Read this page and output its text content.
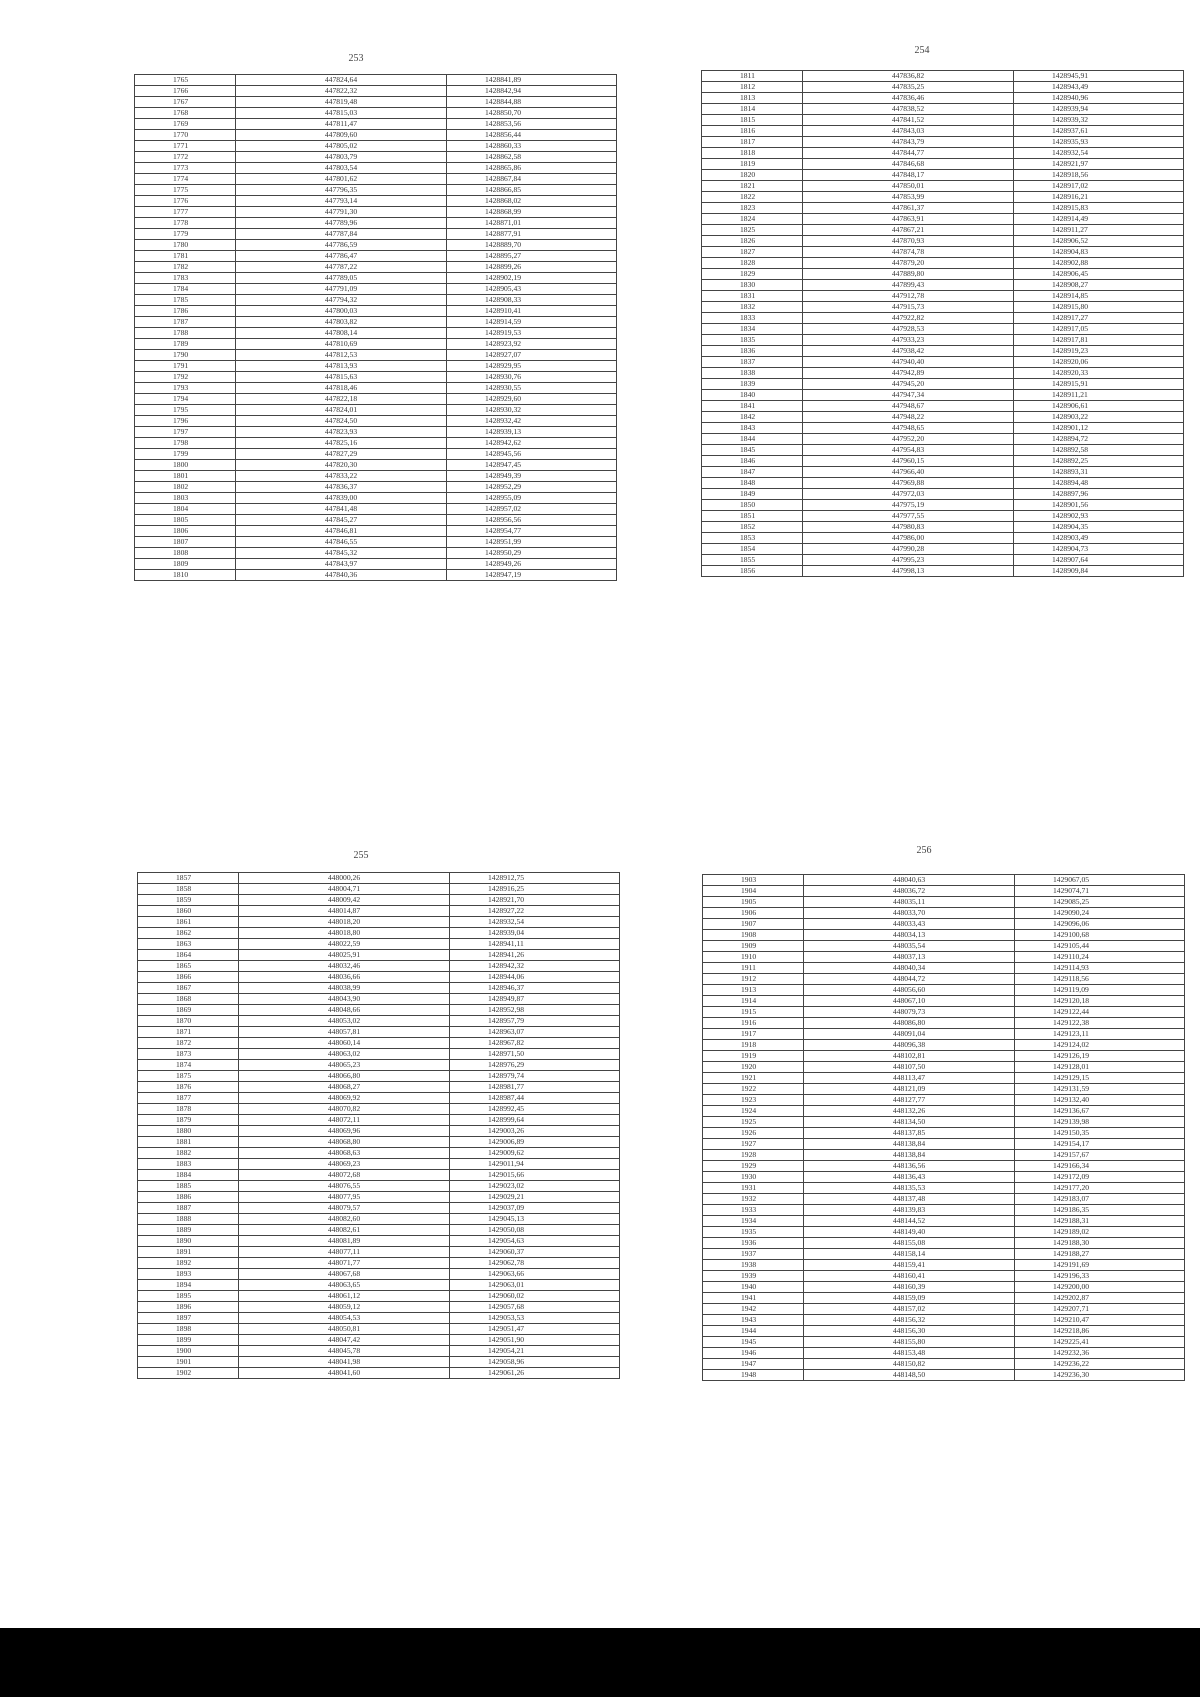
253
1765	447824,64	1428841,89
1766	447822,32	1428842,94
1767	447819,48	1428844,88
1768	447815,03	1428850,70
1769	447811,47	1428853,56
1770	447809,60	1428856,44
1771	447805,02	1428860,33
1772	447803,79	1428862,58
1773	447803,54	1428865,86
1774	447801,62	1428867,84
1775	447796,35	1428866,85
1776	447793,14	1428868,02
1777	447791,30	1428868,99
1778	447789,96	1428871,01
1779	447787,84	1428877,91
1780	447786,59	1428889,70
1781	447786,47	1428895,27
1782	447787,22	1428899,26
1783	447789,05	1428902,19
1784	447791,09	1428905,43
1785	447794,32	1428908,33
1786	447800,03	1428910,41
1787	447803,82	1428914,59
1788	447808,14	1428919,53
1789	447810,69	1428923,92
1790	447812,53	1428927,07
1791	447813,93	1428929,95
1792	447815,63	1428930,76
1793	447818,46	1428930,55
1794	447822,18	1428929,60
1795	447824,01	1428930,32
1796	447824,50	1428932,42
1797	447823,93	1428939,13
1798	447825,16	1428942,62
1799	447827,29	1428945,56
1800	447820,30	1428947,45
1801	447833,22	1428949,39
1802	447836,37	1428952,29
1803	447839,00	1428955,09
1804	447841,48	1428957,02
1805	447845,27	1428956,56
1806	447846,81	1428954,77
1807	447846,55	1428951,99
1808	447845,32	1428950,29
1809	447843,97	1428949,26
1810	447840,36	1428947,19
254
1811	447836,82	1428945,91
1812	447835,25	1428943,49
1813	447836,46	1428940,96
1814	447838,52	1428939,94
1815	447841,52	1428939,32
1816	447843,03	1428937,61
1817	447843,79	1428935,93
1818	447844,77	1428932,54
1819	447846,68	1428921,97
1820	447848,17	1428918,56
1821	447850,01	1428917,02
1822	447853,99	1428916,21
1823	447861,37	1428915,83
1824	447863,91	1428914,49
1825	447867,21	1428911,27
1826	447870,93	1428906,52
1827	447874,78	1428904,83
1828	447879,20	1428902,88
1829	447889,80	1428906,45
1830	447899,43	1428908,27
1831	447912,78	1428914,85
1832	447915,73	1428915,80
1833	447922,82	1428917,27
1834	447928,53	1428917,05
1835	447933,23	1428917,81
1836	447938,42	1428919,23
1837	447940,40	1428920,06
1838	447942,89	1428920,33
1839	447945,20	1428915,91
1840	447947,34	1428911,21
1841	447948,67	1428906,61
1842	447948,22	1428903,22
1843	447948,65	1428901,12
1844	447952,20	1428894,72
1845	447954,83	1428892,58
1846	447960,15	1428892,25
1847	447966,40	1428893,31
1848	447969,88	1428894,48
1849	447972,03	1428897,96
1850	447975,19	1428901,56
1851	447977,55	1428902,93
1852	447980,83	1428904,35
1853	447986,00	1428903,49
1854	447990,28	1428904,73
1855	447995,23	1428907,64
1856	447998,13	1428909,84
255
1857	448000,26	1428912,75
1858	448004,71	1428916,25
1859	448009,42	1428921,70
1860	448014,87	1428927,22
1861	448018,20	1428932,54
1862	448018,80	1428939,04
1863	448022,59	1428941,11
1864	448025,91	1428941,26
1865	448032,46	1428942,32
1866	448036,66	1428944,06
1867	448038,99	1428946,37
1868	448043,90	1428949,87
1869	448048,66	1428952,98
1870	448053,02	1428957,79
1871	448057,81	1428963,07
1872	448060,14	1428967,82
1873	448063,02	1428971,50
1874	448065,23	1428976,29
1875	448066,80	1428979,74
1876	448068,27	1428981,77
1877	448069,92	1428987,44
1878	448070,82	1428992,45
1879	448072,11	1428999,64
1880	448069,96	1429003,26
1881	448068,80	1429006,89
1882	448068,63	1429009,62
1883	448069,23	1429011,94
1884	448072,68	1429015,66
1885	448076,55	1429023,02
1886	448077,95	1429029,21
1887	448079,57	1429037,09
1888	448082,60	1429045,13
1889	448082,61	1429050,08
1890	448081,89	1429054,63
1891	448077,11	1429060,37
1892	448071,77	1429062,78
1893	448067,68	1429063,66
1894	448063,65	1429063,01
1895	448061,12	1429060,02
1896	448059,12	1429057,68
1897	448054,53	1429053,53
1898	448050,81	1429051,47
1899	448047,42	1429051,90
1900	448045,78	1429054,21
1901	448041,98	1429058,96
1902	448041,60	1429061,26
256
1903	448040,63	1429067,05
1904	448036,72	1429074,71
1905	448035,11	1429085,25
1906	448033,70	1429090,24
1907	448033,43	1429096,06
1908	448034,13	1429100,68
1909	448035,54	1429105,44
1910	448037,13	1429110,24
1911	448040,34	1429114,93
1912	448044,72	1429118,56
1913	448056,60	1429119,09
1914	448067,10	1429120,18
1915	448079,73	1429122,44
1916	448086,80	1429122,38
1917	448091,04	1429123,11
1918	448096,38	1429124,02
1919	448102,81	1429126,19
1920	448107,50	1429128,01
1921	448113,47	1429129,15
1922	448121,09	1429131,59
1923	448127,77	1429132,40
1924	448132,26	1429136,67
1925	448134,50	1429139,98
1926	448137,85	1429150,35
1927	448138,84	1429154,17
1928	448138,84	1429157,67
1929	448136,56	1429166,34
1930	448136,43	1429172,09
1931	448135,53	1429177,20
1932	448137,48	1429183,07
1933	448139,83	1429186,35
1934	448144,52	1429188,31
1935	448149,40	1429189,02
1936	448155,08	1429188,30
1937	448158,14	1429188,27
1938	448159,41	1429191,69
1939	448160,41	1429196,33
1940	448160,39	1429200,00
1941	448159,09	1429202,87
1942	448157,02	1429207,71
1943	448156,32	1429210,47
1944	448156,30	1429218,86
1945	448155,80	1429225,41
1946	448153,48	1429232,36
1947	448150,82	1429236,22
1948	448148,50	1429236,30
